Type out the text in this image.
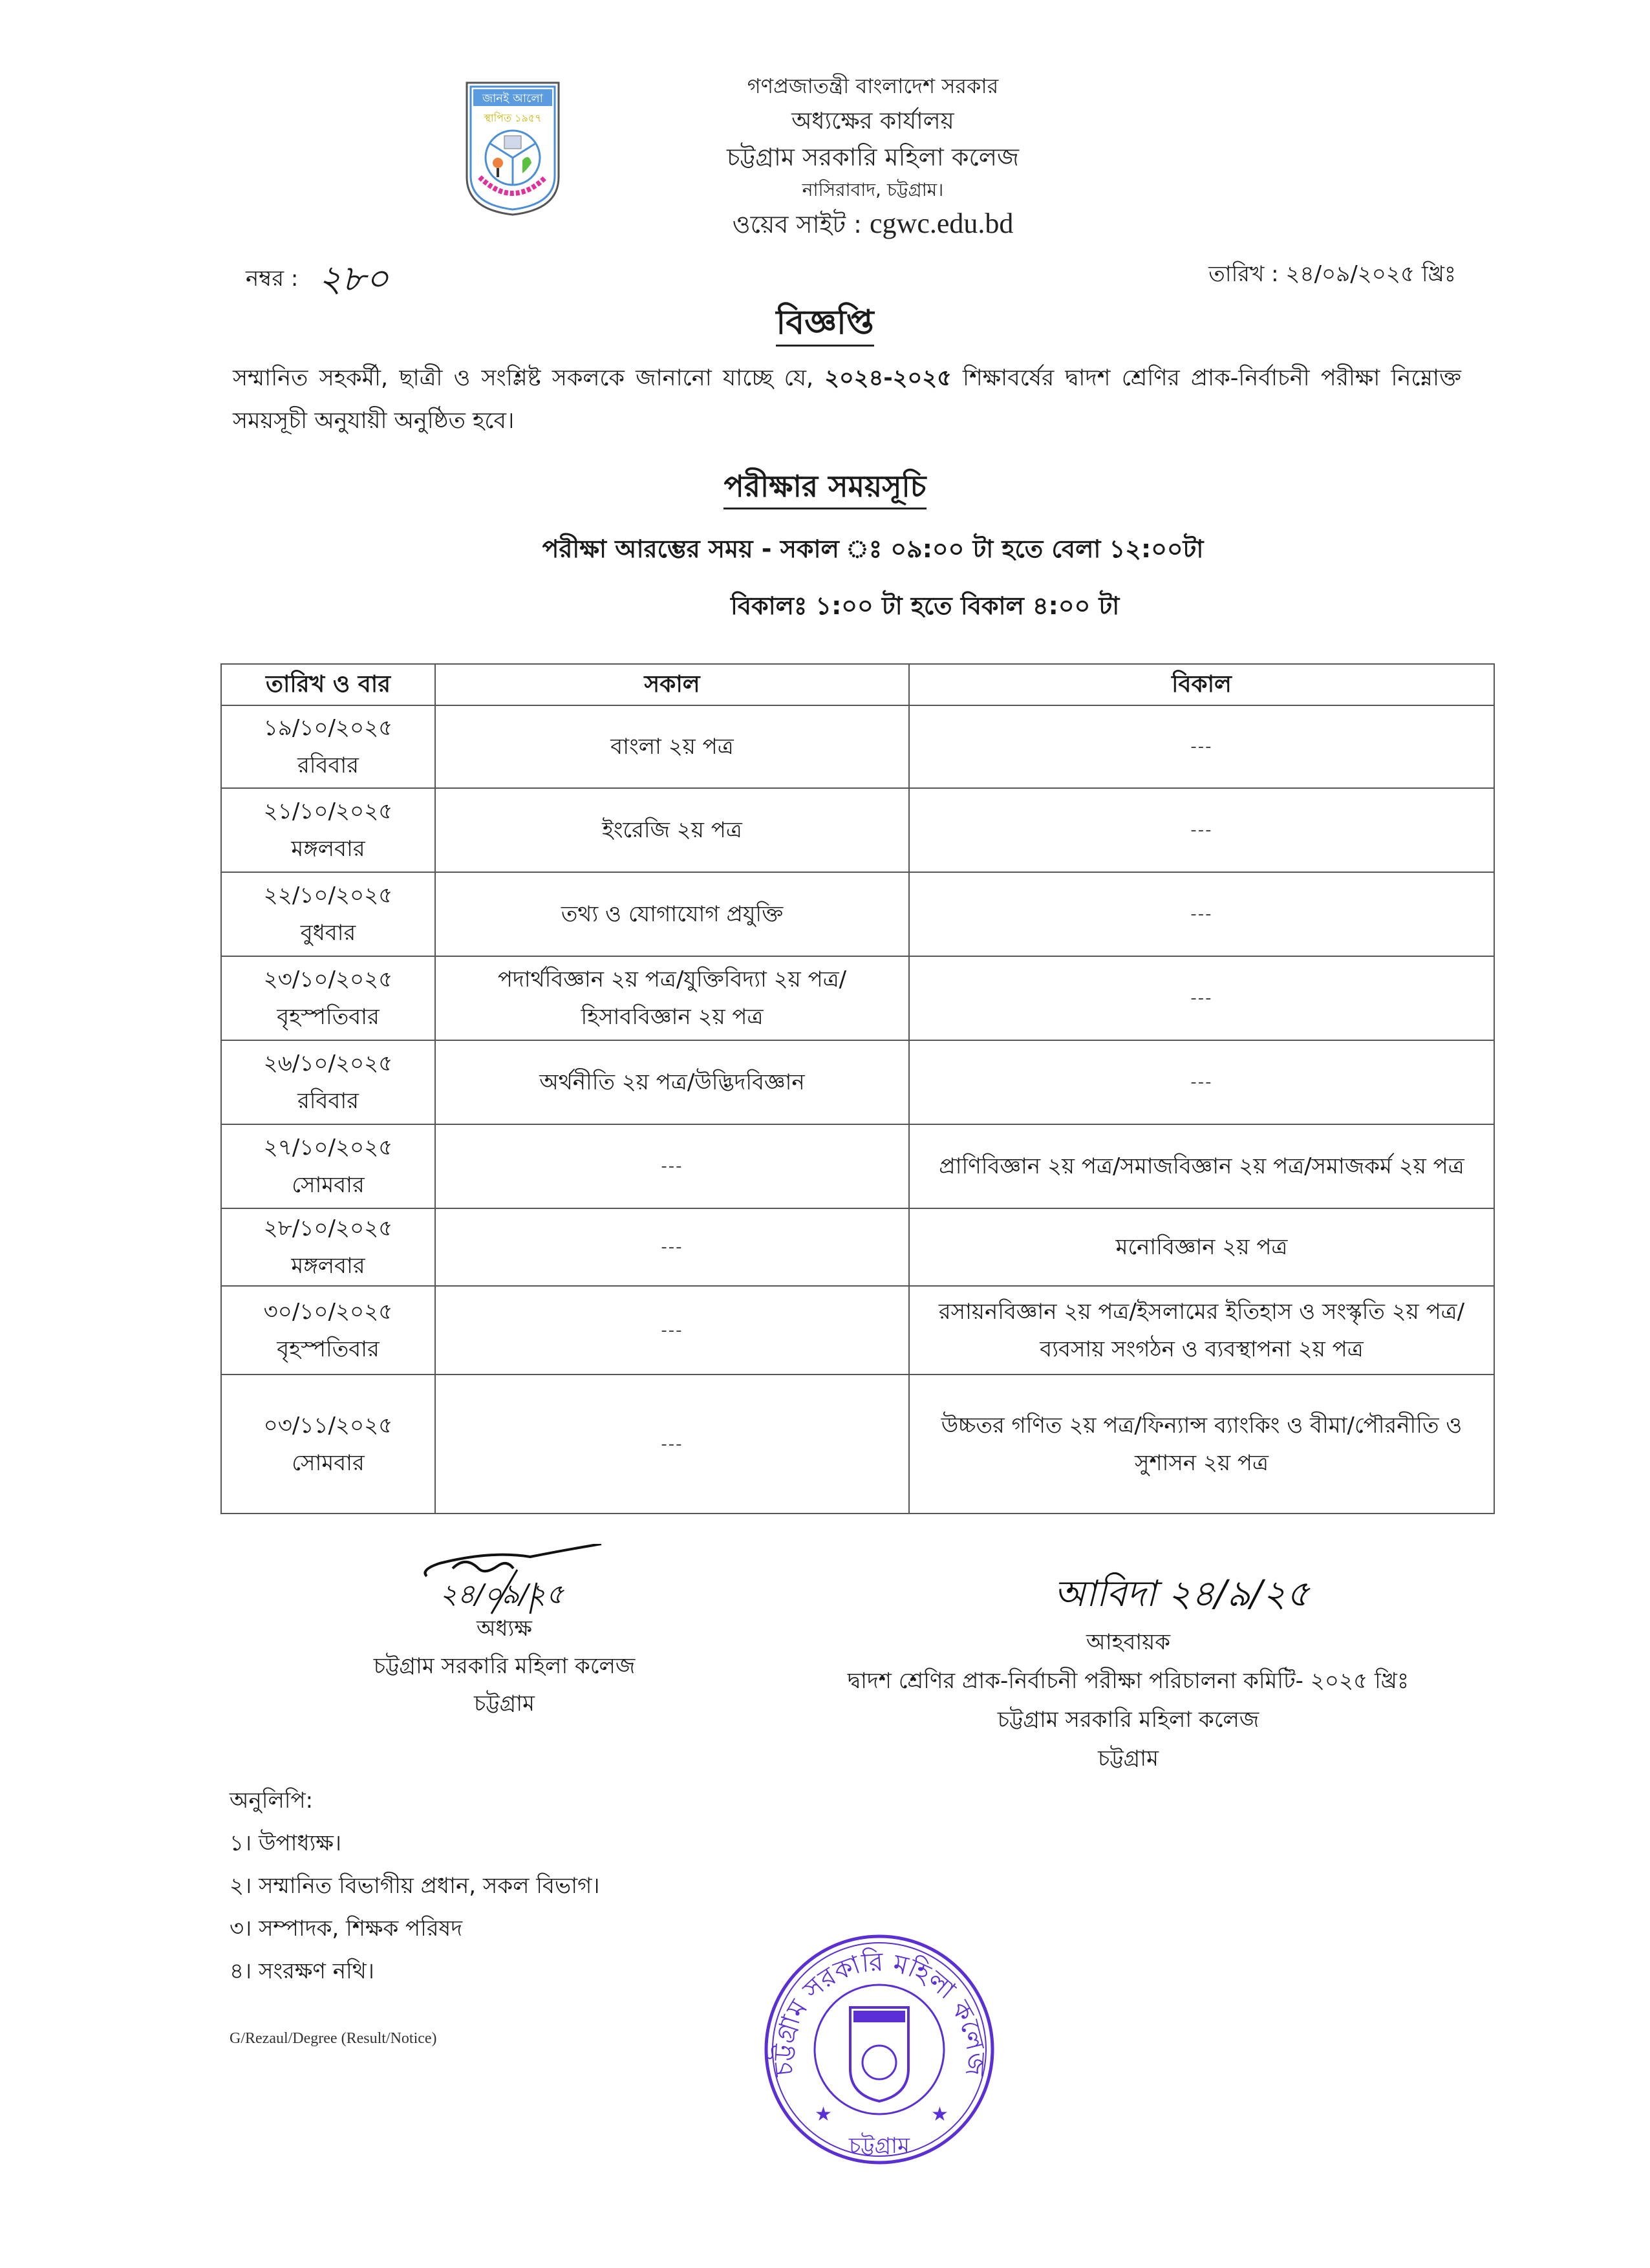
জানই আলো
স্থাপিত ১৯৫৭
গণপ্রজাতন্ত্রী বাংলাদেশ সরকার
অধ্যক্ষের কার্যালয়
চট্টগ্রাম সরকারি মহিলা কলেজ
নাসিরাবাদ, চট্টগ্রাম।
ওয়েব সাইট : cgwc.edu.bd
নম্বর : ২৮০	তারিখ : ২৪/০৯/২০২৫ খ্রিঃ
বিজ্ঞপ্তি
সম্মানিত সহকর্মী, ছাত্রী ও সংশ্লিষ্ট সকলকে জানানো যাচ্ছে যে, ২০২৪-২০২৫ শিক্ষাবর্ষের দ্বাদশ শ্রেণির প্রাক-নির্বাচনী পরীক্ষা নিম্নোক্ত সময়সূচী অনুযায়ী অনুষ্ঠিত হবে।
পরীক্ষার সময়সূচি
পরীক্ষা আরম্ভের সময় - সকাল ঃ ০৯:০০ টা হতে বেলা ১২:০০টা
বিকালঃ ১:০০ টা হতে বিকাল ৪:০০ টা
তারিখ ও বার	সকাল	বিকাল

১৯/১০/২০২৫
রবিবার	বাংলা ২য় পত্র	---

২১/১০/২০২৫
মঙ্গলবার	ইংরেজি ২য় পত্র	---

২২/১০/২০২৫
বুধবার	তথ্য ও যোগাযোগ প্রযুক্তি	---

২৩/১০/২০২৫
বৃহস্পতিবার	পদার্থবিজ্ঞান ২য় পত্র/যুক্তিবিদ্যা ২য় পত্র/হিসাববিজ্ঞান ২য় পত্র	---

২৬/১০/২০২৫
রবিবার	অর্থনীতি ২য় পত্র/উদ্ভিদবিজ্ঞান	---

২৭/১০/২০২৫
সোমবার	---	প্রাণিবিজ্ঞান ২য় পত্র/সমাজবিজ্ঞান ২য় পত্র/সমাজকর্ম ২য় পত্র

২৮/১০/২০২৫
মঙ্গলবার	---	মনোবিজ্ঞান ২য় পত্র

৩০/১০/২০২৫
বৃহস্পতিবার	---	রসায়নবিজ্ঞান ২য় পত্র/ইসলামের ইতিহাস ও সংস্কৃতি ২য় পত্র/ব্যবসায় সংগঠন ও ব্যবস্থাপনা ২য় পত্র

০৩/১১/২০২৫
সোমবার	---	উচ্চতর গণিত ২য় পত্র/ফিন্যান্স ব্যাংকিং ও বীমা/পৌরনীতি ও সুশাসন ২য় পত্র
২৪/০৯/২৫	আবিদা ২৪/৯/২৫
অধ্যক্ষ
চট্টগ্রাম সরকারি মহিলা কলেজ
চট্টগ্রাম
আহবায়ক
দ্বাদশ শ্রেণির প্রাক-নির্বাচনী পরীক্ষা পরিচালনা কমিটি- ২০২৫ খ্রিঃ
চট্টগ্রাম সরকারি মহিলা কলেজ
চট্টগ্রাম
অনুলিপি:
১। উপাধ্যক্ষ।
২। সম্মানিত বিভাগীয় প্রধান, সকল বিভাগ।
৩। সম্পাদক, শিক্ষক পরিষদ
৪। সংরক্ষণ নথি।
G/Rezaul/Degree (Result/Notice)
চট্টগ্রাম সরকারি মহিলা কলেজ
চট্টগ্রাম
★	★
